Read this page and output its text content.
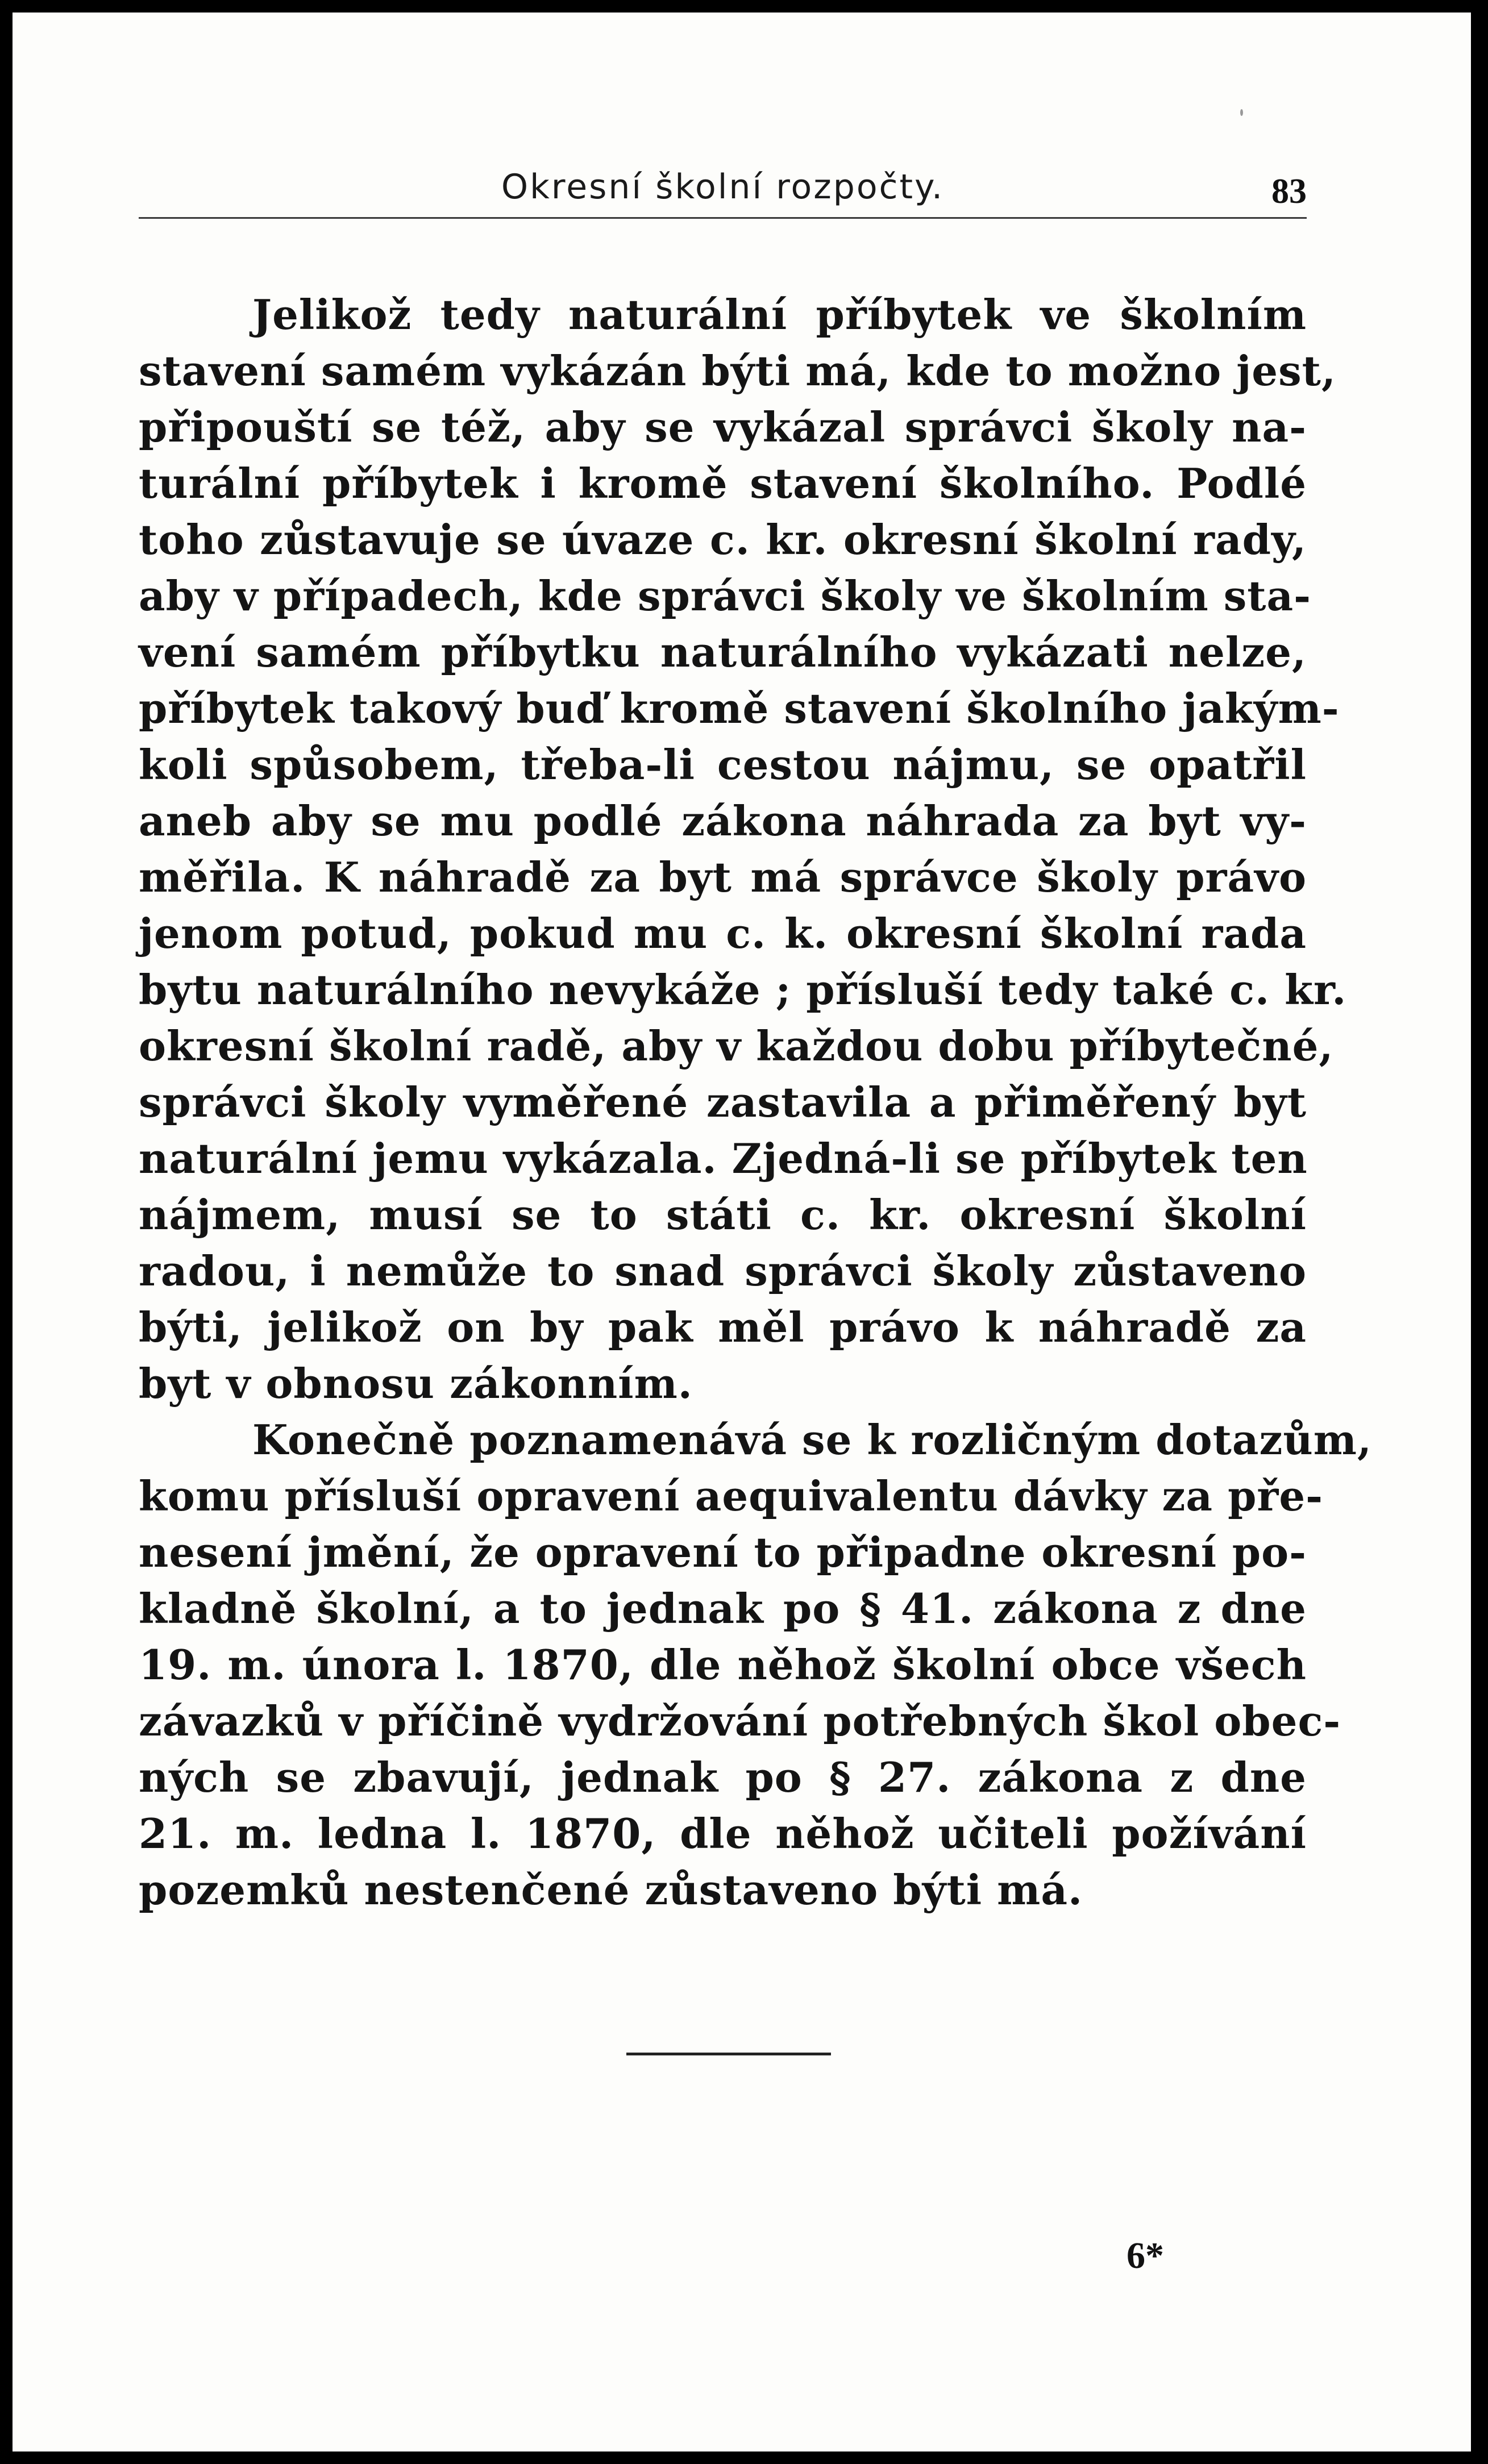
Okresní školní rozpočty.	83
Jelikož tedy naturální příbytek ve školním
stavení samém vykázán býti má, kde to možno jest,
připouští se též, aby se vykázal správci školy na-
turální příbytek i kromě stavení školního. Podlé
toho zůstavuje se úvaze c. kr. okresní školní rady,
aby v případech, kde správci školy ve školním sta-
vení samém příbytku naturálního vykázati nelze,
příbytek takový buď kromě stavení školního jakým-
koli spůsobem, třeba-li cestou nájmu, se opatřil
aneb aby se mu podlé zákona náhrada za byt vy-
měřila. K náhradě za byt má správce školy právo
jenom potud, pokud mu c. k. okresní školní rada
bytu naturálního nevykáže ; přísluší tedy také c. kr.
okresní školní radě, aby v každou dobu příbytečné,
správci školy vyměřené zastavila a přiměřený byt
naturální jemu vykázala. Zjedná-li se příbytek ten
nájmem, musí se to státi c. kr. okresní školní
radou, i nemůže to snad správci školy zůstaveno
býti, jelikož on by pak měl právo k náhradě za
byt v obnosu zákonním.
Konečně poznamenává se k rozličným dotazům,
komu přísluší opravení aequivalentu dávky za pře-
nesení jmění, že opravení to připadne okresní po-
kladně školní, a to jednak po § 41. zákona z dne
19. m. února l. 1870, dle něhož školní obce všech
závazků v příčině vydržování potřebných škol obec-
ných se zbavují, jednak po § 27. zákona z dne
21. m. ledna l. 1870, dle něhož učiteli požívání
pozemků nestenčené zůstaveno býti má.
6*
